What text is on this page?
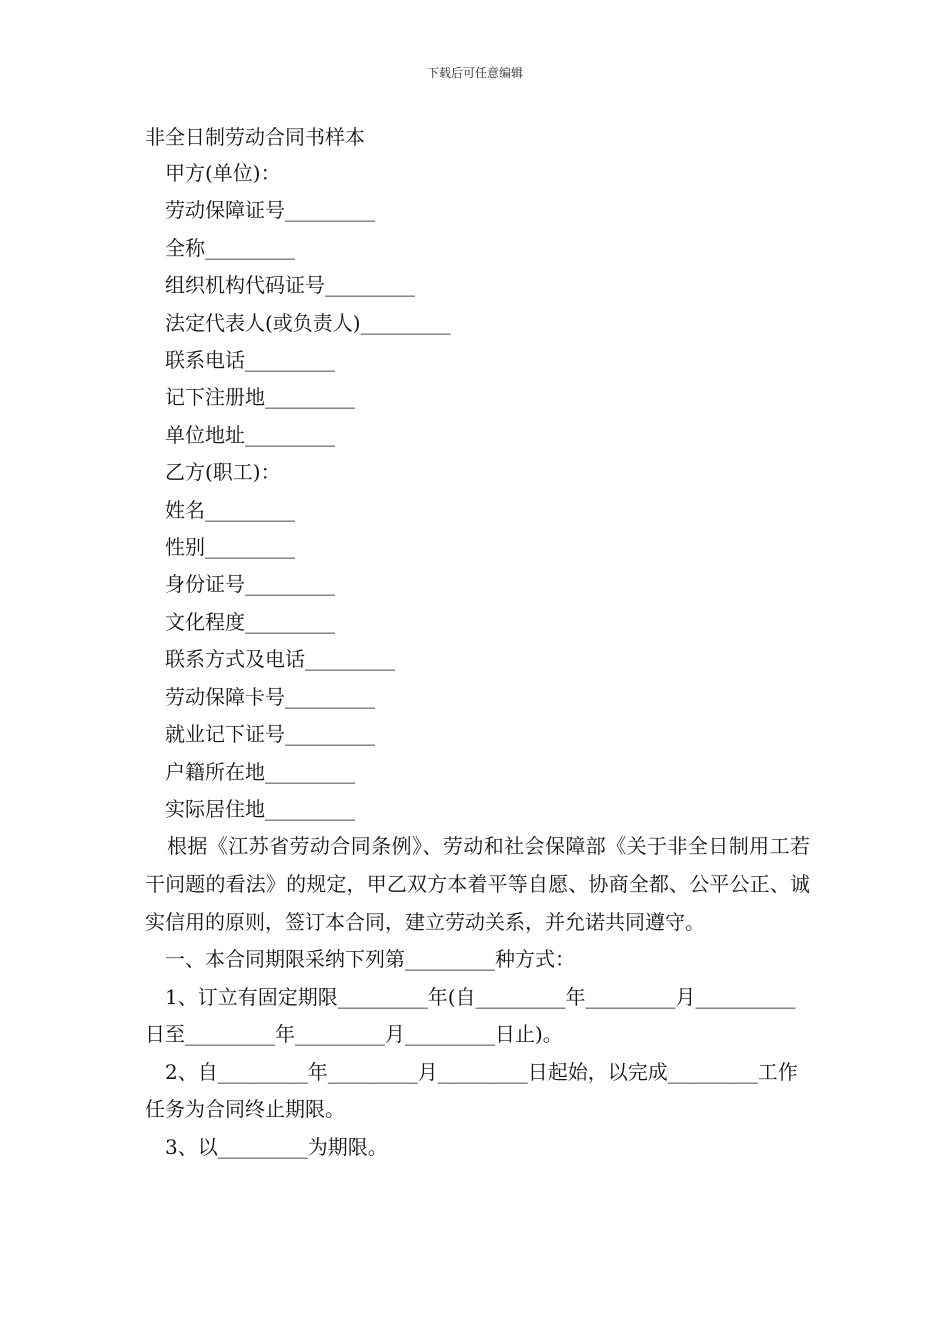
下载后可任意编辑
非全日制劳动合同书样本
甲方(单位)：
劳动保障证号_________
全称_________
组织机构代码证号_________
法定代表人(或负责人)_________
联系电话_________
记下注册地_________
单位地址_________
乙方(职工)：
姓名_________
性别_________
身份证号_________
文化程度_________
联系方式及电话_________
劳动保障卡号_________
就业记下证号_________
户籍所在地_________
实际居住地_________
根据《江苏省劳动合同条例》、劳动和社会保障部《关于非全日制用工若干问题的看法》的规定，甲乙双方本着平等自愿、协商全都、公平公正、诚实信用的原则，签订本合同，建立劳动关系，并允诺共同遵守。
一、本合同期限采纳下列第_________种方式：
1、订立有固定期限_________年(自_________年_________月__________日至_________年_________月_________日止)。
2、自_________年_________月_________日起始，以完成_________工作任务为合同终止期限。
3、以_________为期限。
